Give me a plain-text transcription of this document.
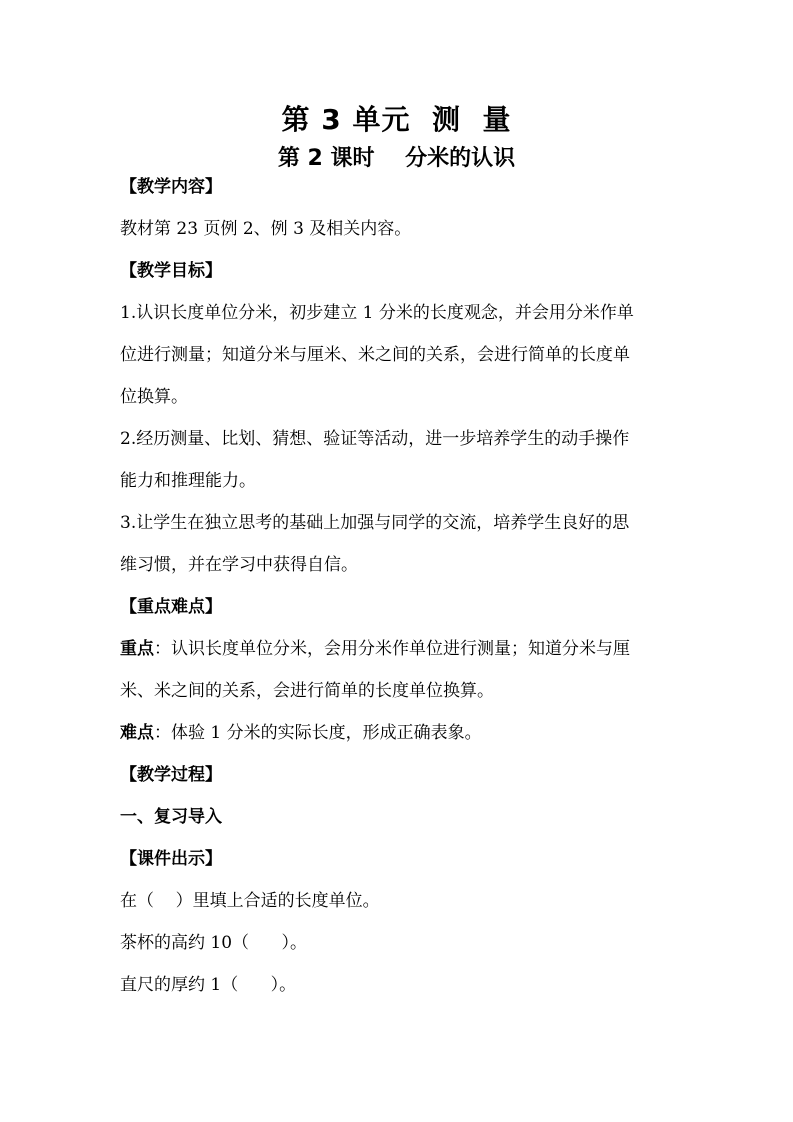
第 3 单元  测  量
第 2 课时    分米的认识
【教学内容】
教材第 23 页例 2、例 3 及相关内容。
【教学目标】
1.认识长度单位分米，初步建立 1 分米的长度观念，并会用分米作单
位进行测量；知道分米与厘米、米之间的关系，会进行简单的长度单
位换算。
2.经历测量、比划、猜想、验证等活动，进一步培养学生的动手操作
能力和推理能力。
3.让学生在独立思考的基础上加强与同学的交流，培养学生良好的思
维习惯，并在学习中获得自信。
【重点难点】
重点：认识长度单位分米，会用分米作单位进行测量；知道分米与厘
米、米之间的关系，会进行简单的长度单位换算。
难点：体验 1 分米的实际长度，形成正确表象。
【教学过程】
一、复习导入
【课件出示】
在（    ）里填上合适的长度单位。
茶杯的高约 10（      ）。
直尺的厚约 1（      ）。
